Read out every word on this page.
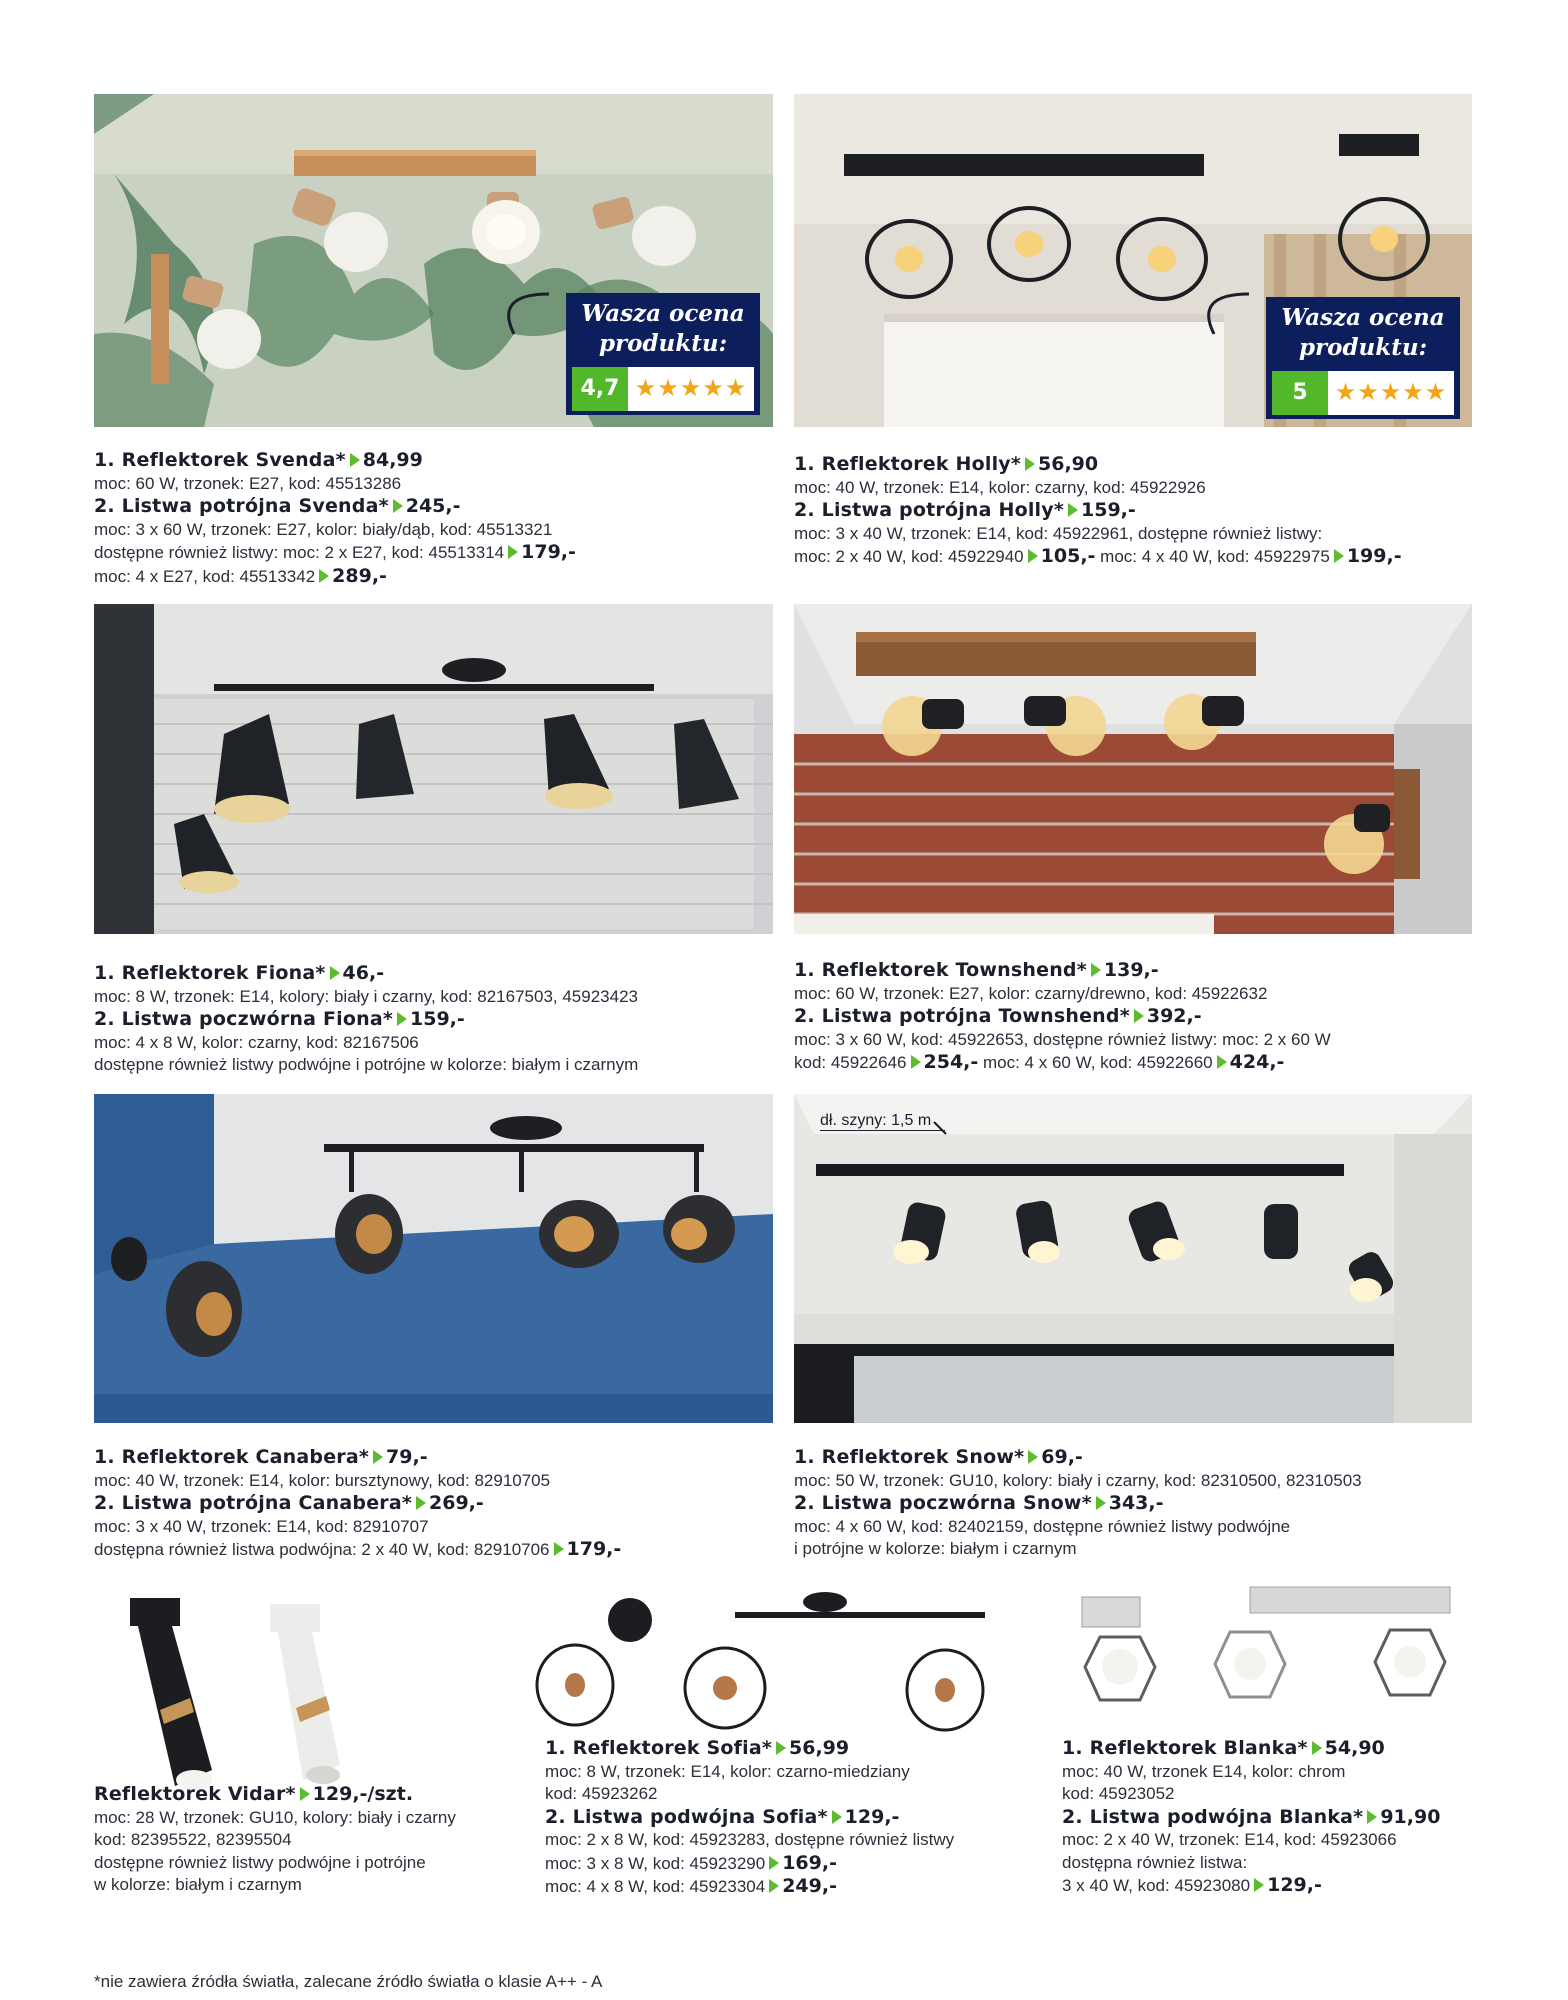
Wasza ocena produktu:
4,7 ★★★★★
Wasza ocena produktu:
5	★★★★★
dł. szyny: 1,5 m
1. Reflektorek Svenda* 84,99
moc: 60 W, trzonek: E27, kod: 45513286
2. Listwa potrójna Svenda* 245,-
moc: 3 x 60 W, trzonek: E27, kolor: biały/dąb, kod: 45513321
dostępne również listwy: moc: 2 x E27, kod: 45513314 179,-
moc: 4 x E27, kod: 45513342 289,-
1. Reflektorek Holly* 56,90
moc: 40 W, trzonek: E14, kolor: czarny, kod: 45922926
2. Listwa potrójna Holly* 159,-
moc: 3 x 40 W, trzonek: E14, kod: 45922961, dostępne również listwy:
moc: 2 x 40 W, kod: 45922940 105,- moc: 4 x 40 W, kod: 45922975 199,-
1. Reflektorek Fiona* 46,-
moc: 8 W, trzonek: E14, kolory: biały i czarny, kod: 82167503, 45923423
2. Listwa poczwórna Fiona* 159,-
moc: 4 x 8 W, kolor: czarny, kod: 82167506
dostępne również listwy podwójne i potrójne w kolorze: białym i czarnym
1. Reflektorek Townshend* 139,-
moc: 60 W, trzonek: E27, kolor: czarny/drewno, kod: 45922632
2. Listwa potrójna Townshend* 392,-
moc: 3 x 60 W, kod: 45922653, dostępne również listwy: moc: 2 x 60 W
kod: 45922646 254,- moc: 4 x 60 W, kod: 45922660 424,-
1. Reflektorek Canabera* 79,-
moc: 40 W, trzonek: E14, kolor: bursztynowy, kod: 82910705
2. Listwa potrójna Canabera* 269,-
moc: 3 x 40 W, trzonek: E14, kod: 82910707
dostępna również listwa podwójna: 2 x 40 W, kod: 82910706 179,-
1. Reflektorek Snow* 69,-
moc: 50 W, trzonek: GU10, kolory: biały i czarny, kod: 82310500, 82310503
2. Listwa poczwórna Snow* 343,-
moc: 4 x 60 W, kod: 82402159, dostępne również listwy podwójne
i potrójne w kolorze: białym i czarnym
Reflektorek Vidar* 129,-/szt.
moc: 28 W, trzonek: GU10, kolory: biały i czarny
kod: 82395522, 82395504
dostępne również listwy podwójne i potrójne
w kolorze: białym i czarnym
1. Reflektorek Sofia* 56,99
moc: 8 W, trzonek: E14, kolor: czarno-miedziany
kod: 45923262
2. Listwa podwójna Sofia* 129,-
moc: 2 x 8 W, kod: 45923283, dostępne również listwy
moc: 3 x 8 W, kod: 45923290 169,-
moc: 4 x 8 W, kod: 45923304 249,-
1. Reflektorek Blanka* 54,90
moc: 40 W, trzonek E14, kolor: chrom
kod: 45923052
2. Listwa podwójna Blanka* 91,90
moc: 2 x 40 W, trzonek: E14, kod: 45923066
dostępna również listwa:
3 x 40 W, kod: 45923080 129,-
*nie zawiera źródła światła, zalecane źródło światła o klasie A++ - A
